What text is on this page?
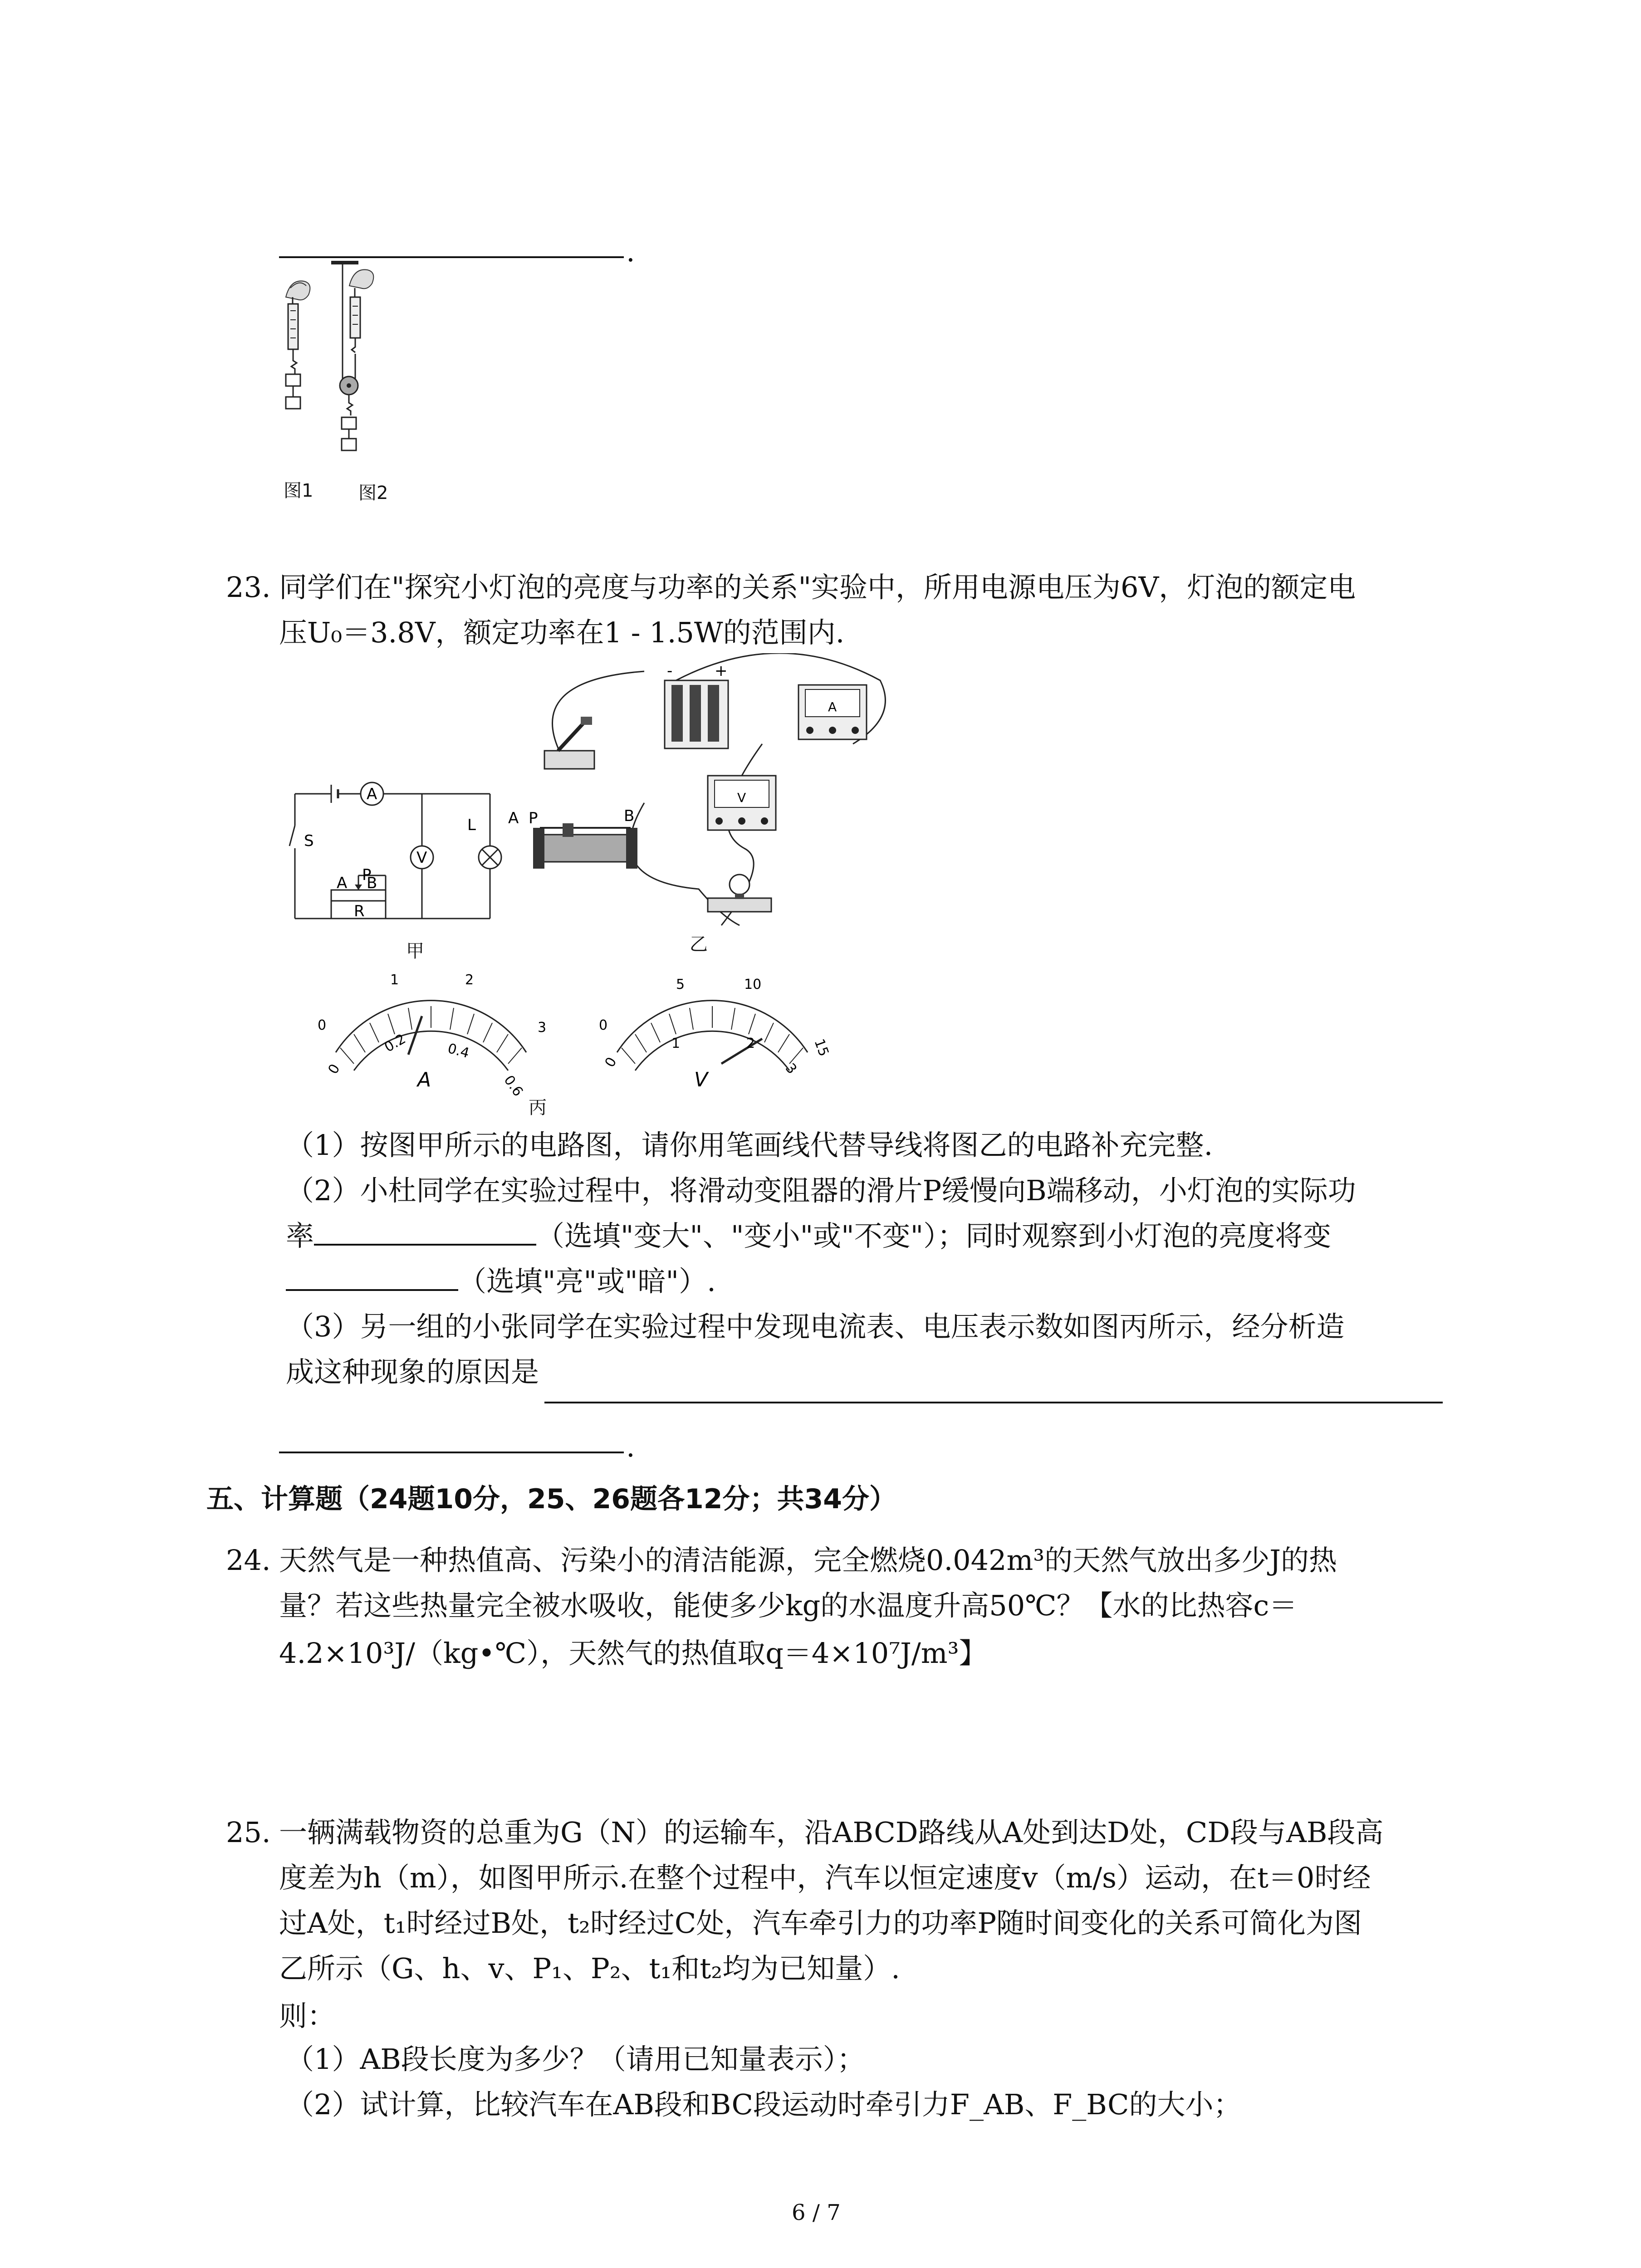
.
图1 图2
23. 同学们在"探究小灯泡的亮度与功率的关系"实验中，所用电源电压为6V，灯泡的额定电
压U₀＝3.8V，额定功率在1 - 1.5W的范围内.
A
S
V
L
P
A B
R
甲
-	+
A
V
A P	B
乙
0
1	2
3
0
0.2	0.4
0.6
A
0
5	10
15
0
1	2
3
V
丙
（1）按图甲所示的电路图，请你用笔画线代替导线将图乙的电路补充完整.
（2）小杜同学在实验过程中，将滑动变阻器的滑片P缓慢向B端移动，小灯泡的实际功
率	（选填"变大"、"变小"或"不变"）；同时观察到小灯泡的亮度将变
（选填"亮"或"暗"）.
（3）另一组的小张同学在实验过程中发现电流表、电压表示数如图丙所示，经分析造
成这种现象的原因是
.
五、计算题（24题10分，25、26题各12分；共34分）
24. 天然气是一种热值高、污染小的清洁能源，完全燃烧0.042m³的天然气放出多少J的热
量？若这些热量完全被水吸收，能使多少kg的水温度升高50℃？【水的比热容c＝
4.2×10³J/（kg•℃），天然气的热值取q＝4×10⁷J/m³】
25. 一辆满载物资的总重为G（N）的运输车，沿ABCD路线从A处到达D处，CD段与AB段高
度差为h（m），如图甲所示.在整个过程中，汽车以恒定速度v（m/s）运动，在t＝0时经
过A处，t₁时经过B处，t₂时经过C处，汽车牵引力的功率P随时间变化的关系可简化为图
乙所示（G、h、v、P₁、P₂、t₁和t₂均为已知量）.
则：
（1）AB段长度为多少？（请用已知量表示）；
（2）试计算，比较汽车在AB段和BC段运动时牵引力F_AB、F_BC的大小；
6 / 7
